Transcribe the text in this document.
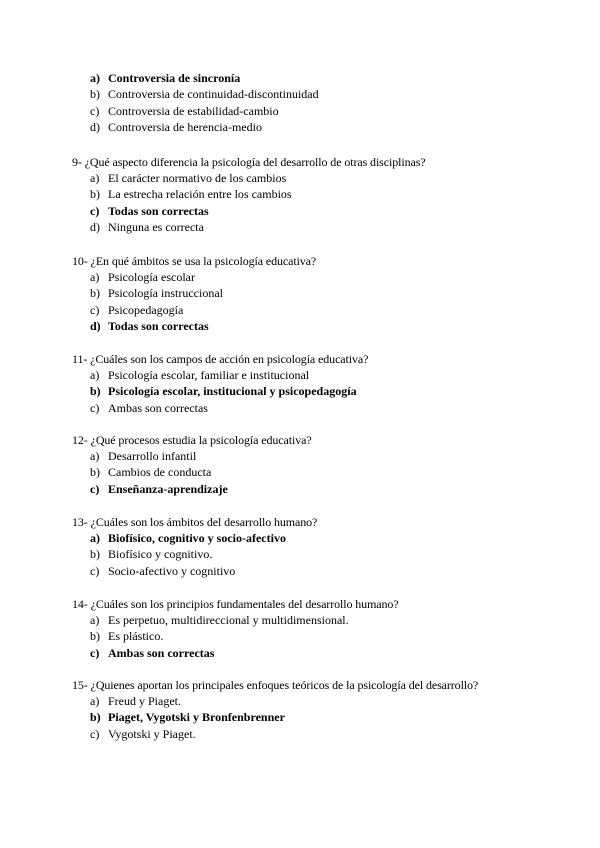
a) Controversia de sincronía
b) Controversia de continuidad-discontinuidad
c) Controversia de estabilidad-cambio
d) Controversia de herencia-medio
9- ¿Qué aspecto diferencia la psicología del desarrollo de otras disciplinas?
a) El carácter normativo de los cambios
b) La estrecha relación entre los cambios
c) Todas son correctas
d) Ninguna es correcta
10- ¿En qué ámbitos se usa la psicología educativa?
a) Psicología escolar
b) Psicología instruccional
c) Psicopedagogía
d) Todas son correctas
11- ¿Cuáles son los campos de acción en psicología educativa?
a) Psicología escolar, familiar e institucional
b) Psicología escolar, institucional y psicopedagogía
c) Ambas son correctas
12- ¿Qué procesos estudia la psicología educativa?
a) Desarrollo infantil
b) Cambios de conducta
c) Enseñanza-aprendizaje
13- ¿Cuáles son los ámbitos del desarrollo humano?
a) Biofísico, cognitivo y socio-afectivo
b) Biofísico y cognitivo.
c) Socio-afectivo y cognitivo
14- ¿Cuáles son los principios fundamentales del desarrollo humano?
a) Es perpetuo, multidireccional y multidimensional.
b) Es plástico.
c) Ambas son correctas
15- ¿Quienes aportan los principales enfoques teóricos de la psicología del desarrollo?
a) Freud y Piaget.
b) Piaget, Vygotski y Bronfenbrenner
c) Vygotski y Piaget.
